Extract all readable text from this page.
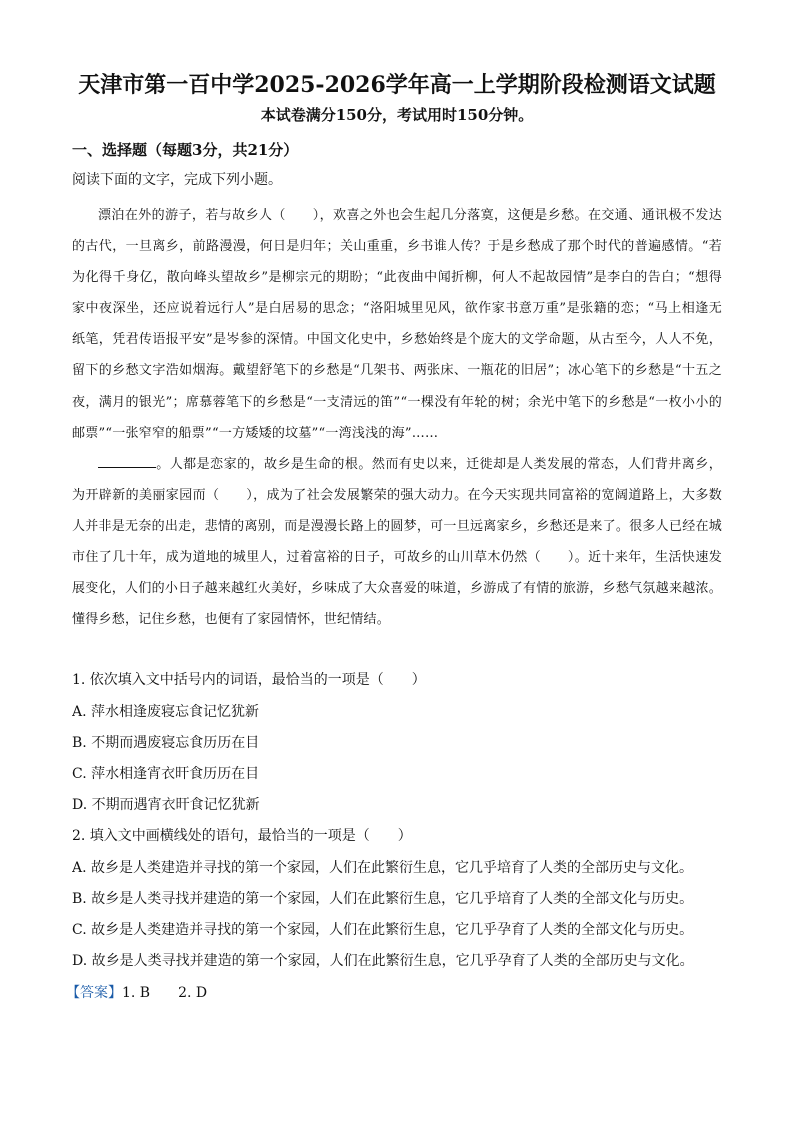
天津市第一百中学2025-2026学年高一上学期阶段检测语文试题
本试卷满分150分，考试用时150分钟。
一、选择题（每题3分，共21分）
阅读下面的文字，完成下列小题。

漂泊在外的游子，若与故乡人（　　），欢喜之外也会生起几分落寞，这便是乡愁。在交通、通讯极不发达的古代，一旦离乡，前路漫漫，何日是归年；关山重重，乡书谁人传？于是乡愁成了那个时代的普遍感情。“若为化得千身亿，散向峰头望故乡”是柳宗元的期盼；“此夜曲中闻折柳，何人不起故园情”是李白的告白；“想得家中夜深坐，还应说着远行人”是白居易的思念；“洛阳城里见风，欲作家书意万重”是张籍的恋；“马上相逢无纸笔，凭君传语报平安”是岑参的深情。中国文化史中，乡愁始终是个庞大的文学命题，从古至今，人人不免，留下的乡愁文字浩如烟海。戴望舒笔下的乡愁是“几架书、两张床、一瓶花的旧居”；冰心笔下的乡愁是“十五之夜，满月的银光”；席慕蓉笔下的乡愁是“一支清远的笛”“一棵没有年轮的树；余光中笔下的乡愁是“一枚小小的邮票”“一张窄窄的船票”“一方矮矮的坟墓”“一湾浅浅的海”……

。人都是恋家的，故乡是生命的根。然而有史以来，迁徙却是人类发展的常态，人们背井离乡，为开辟新的美丽家园而（　　），成为了社会发展繁荣的强大动力。在今天实现共同富裕的宽阔道路上，大多数人并非是无奈的出走，悲情的离别，而是漫漫长路上的圆梦，可一旦远离家乡，乡愁还是来了。很多人已经在城市住了几十年，成为道地的城里人，过着富裕的日子，可故乡的山川草木仍然（　　）。近十来年，生活快速发展变化，人们的小日子越来越红火美好，乡味成了大众喜爱的味道，乡游成了有情的旅游，乡愁气氛越来越浓。懂得乡愁，记住乡愁，也便有了家园情怀，世纪情结。

1. 依次填入文中括号内的词语，最恰当的一项是（　　）
A. 萍水相逢废寝忘食记忆犹新
B. 不期而遇废寝忘食历历在目
C. 萍水相逢宵衣旰食历历在目
D. 不期而遇宵衣旰食记忆犹新
2. 填入文中画横线处的语句，最恰当的一项是（　　）
A. 故乡是人类建造并寻找的第一个家园，人们在此繁衍生息，它几乎培育了人类的全部历史与文化。
B. 故乡是人类寻找并建造的第一个家园，人们在此繁衍生息，它几乎培育了人类的全部文化与历史。
C. 故乡是人类建造并寻找的第一个家园，人们在此繁衍生息，它几乎孕育了人类的全部文化与历史。
D. 故乡是人类寻找并建造的第一个家园，人们在此繁衍生息，它几乎孕育了人类的全部历史与文化。
【答案】1. B　　2. D
